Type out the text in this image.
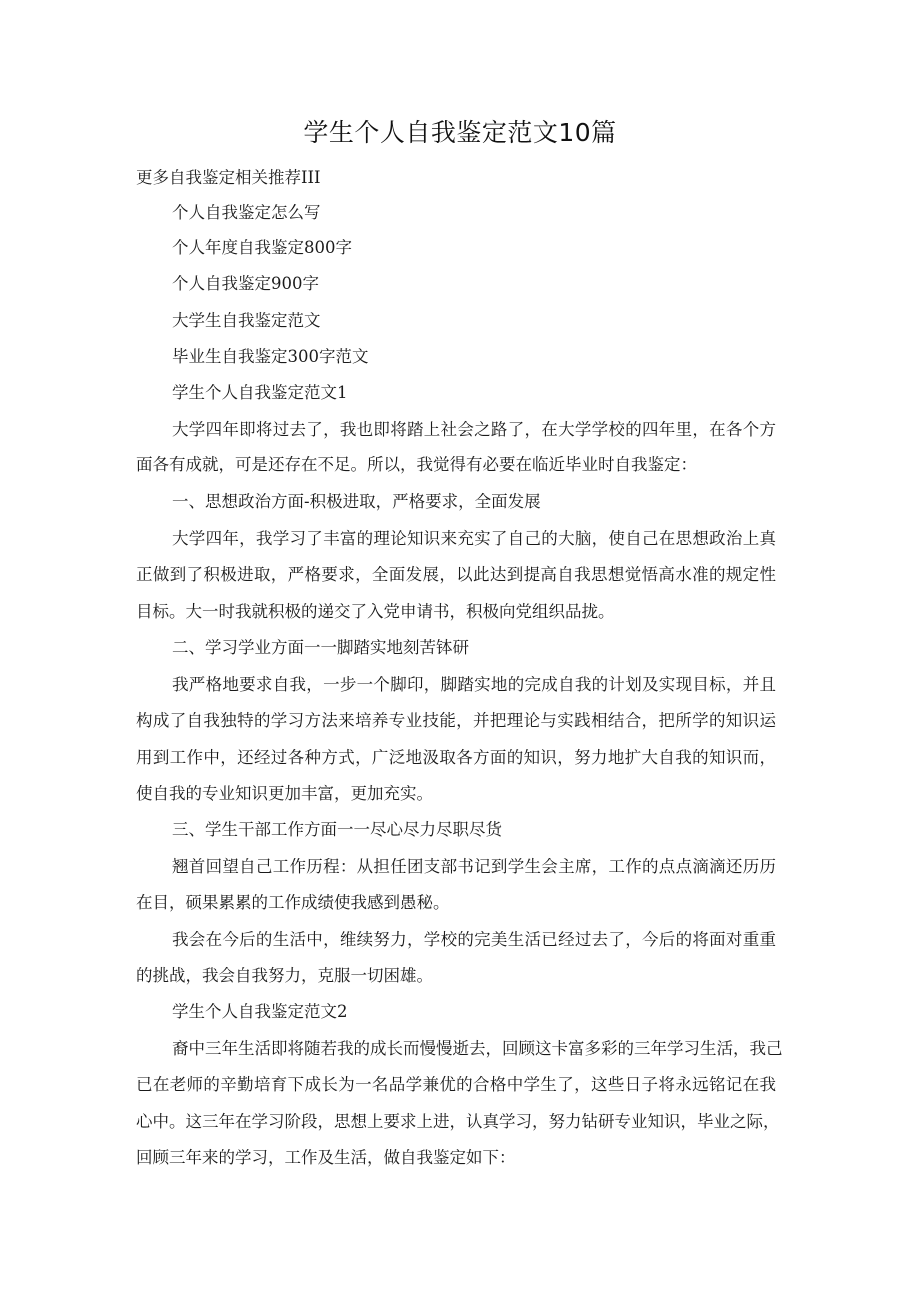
学生个人自我鉴定范文10篇

更多自我鉴定相关推荐III

个人自我鉴定怎么写

个人年度自我鉴定800字

个人自我鉴定900字

大学生自我鉴定范文

毕业生自我鉴定300字范文

学生个人自我鉴定范文1

大学四年即将过去了，我也即将踏上社会之路了，在大学学校的四年里，在各个方

面各有成就，可是还存在不足。所以，我觉得有必要在临近毕业时自我鉴定：

一、思想政治方面-积极进取，严格要求，全面发展

大学四年，我学习了丰富的理论知识来充实了自己的大脑，使自己在思想政治上真

正做到了积极进取，严格要求，全面发展，以此达到提高自我思想觉悟高水准的规定性

目标。大一时我就积极的递交了入党申请书，积极向党组织品拢。

二、学习学业方面一一脚踏实地刻苦钵研

我严格地要求自我，一步一个脚印，脚踏实地的完成自我的计划及实现目标，并且

构成了自我独特的学习方法来培养专业技能，并把理论与实践相结合，把所学的知识运

用到工作中，还经过各种方式，广泛地汲取各方面的知识，努力地扩大自我的知识而，

使自我的专业知识更加丰富，更加充实。

三、学生干部工作方面一一尽心尽力尽职尽货

翘首回望自己工作历程：从担任团支部书记到学生会主席，工作的点点滴滴还历历

在目，硕果累累的工作成绩使我感到愚秘。

我会在今后的生活中，维续努力，学校的完美生活已经过去了，今后的将面对重重

的挑战，我会自我努力，克服一切困雄。

学生个人自我鉴定范文2

裔中三年生活即将随若我的成长而慢慢逝去，回顾这卡富多彩的三年学习生活，我己

已在老师的辛勤培育下成长为一名品学兼优的合格中学生了，这些日子将永远铭记在我

心中。这三年在学习阶段，思想上要求上进，认真学习，努力钻研专业知识，毕业之际，

回顾三年来的学习，工作及生活，做自我鉴定如下：
